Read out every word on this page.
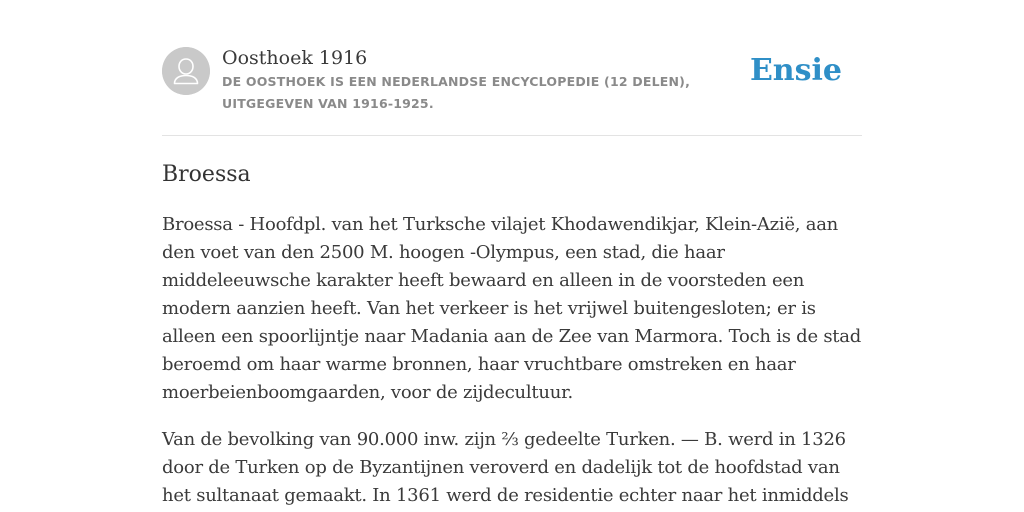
Oosthoek 1916
DE OOSTHOEK IS EEN NEDERLANDSE ENCYCLOPEDIE (12 DELEN), UITGEGEVEN VAN 1916-1925.
Ensie
Broessa

Broessa - Hoofdpl. van het Turksche vilajet Khodawendikjar, Klein-Azië, aan den voet van den 2500 M. hoogen -Olympus, een stad, die haar middeleeuwsche karakter heeft bewaard en alleen in de voorsteden een modern aanzien heeft. Van het verkeer is het vrijwel buitengesloten; er is alleen een spoorlijntje naar Madania aan de Zee van Marmora. Toch is de stad beroemd om haar warme bronnen, haar vruchtbare omstreken en haar moerbeienboomgaarden, voor de zijdecultuur.

Van de bevolking van 90.000 inw. zijn ⅔ gedeelte Turken. — B. werd in 1326 door de Turken op de Byzantijnen veroverd en dadelijk tot de hoofdstad van het sultanaat gemaakt. In 1361 werd de residentie echter naar het inmiddels
